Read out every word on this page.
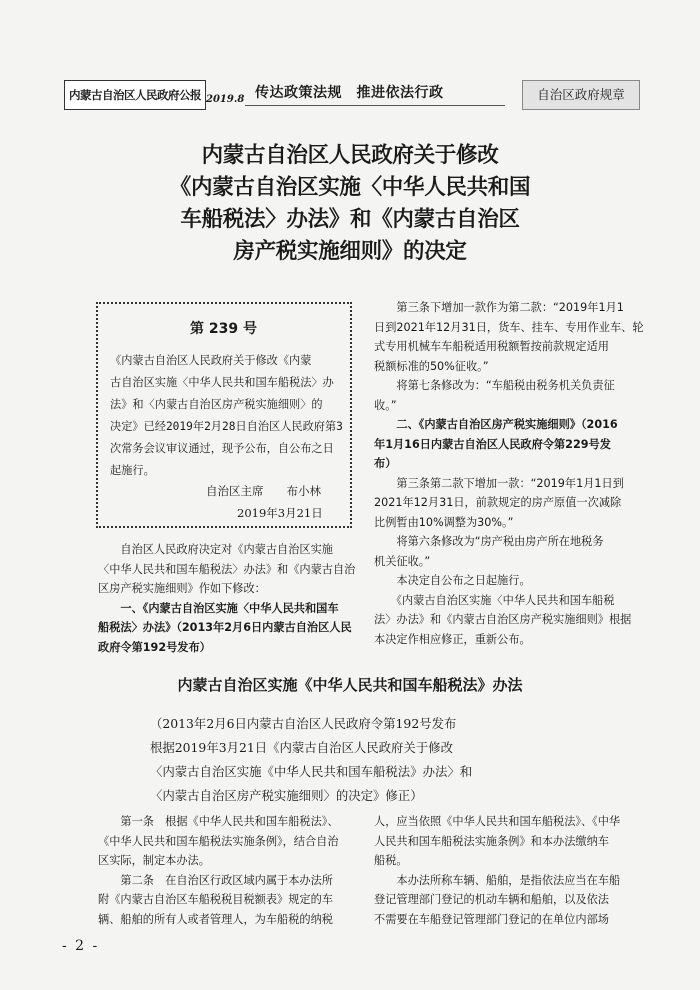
内蒙古自治区人民政府公报 2019.8 传达政策法规　推进依法行政	自治区政府规章
内蒙古自治区人民政府关于修改
《内蒙古自治区实施〈中华人民共和国
车船税法〉办法》和《内蒙古自治区
房产税实施细则》的决定
第 239 号
《内蒙古自治区人民政府关于修改《内蒙
古自治区实施〈中华人民共和国车船税法〉办
法》和〈内蒙古自治区房产税实施细则〉的
决定》已经2019年2月28日自治区人民政府第3
次常务会议审议通过，现予公布，自公布之日
起施行。
自治区主席　　布小林
2019年3月21日
　　自治区人民政府决定对《内蒙古自治区实施
〈中华人民共和国车船税法〉办法》和《内蒙古自治
区房产税实施细则》作如下修改：
　　一、《内蒙古自治区实施〈中华人民共和国车
船税法〉办法》（2013年2月6日内蒙古自治区人民
政府令第192号发布）
　　第三条下增加一款作为第二款：“2019年1月1
日到2021年12月31日，货车、挂车、专用作业车、轮
式专用机械车车船税适用税额暂按前款规定适用
税额标准的50%征收。”
　　将第七条修改为：“车船税由税务机关负责征
收。”
　　二、《内蒙古自治区房产税实施细则》（2016
年1月16日内蒙古自治区人民政府令第229号发
布）
　　第三条第二款下增加一款：“2019年1月1日到
2021年12月31日，前款规定的房产原值一次减除
比例暂由10%调整为30%。”
　　将第六条修改为“房产税由房产所在地税务
机关征收。”
　　本决定自公布之日起施行。
　　《内蒙古自治区实施〈中华人民共和国车船税
法〉办法》和《内蒙古自治区房产税实施细则》根据
本决定作相应修正，重新公布。
内蒙古自治区实施《中华人民共和国车船税法》办法
（2013年2月6日内蒙古自治区人民政府令第192号发布
根据2019年3月21日《内蒙古自治区人民政府关于修改
〈内蒙古自治区实施《中华人民共和国车船税法》办法〉和
〈内蒙古自治区房产税实施细则〉的决定》修正）
　　第一条　根据《中华人民共和国车船税法》、
《中华人民共和国车船税法实施条例》，结合自治
区实际，制定本办法。
　　第二条　在自治区行政区域内属于本办法所
附《内蒙古自治区车船税税目税额表》规定的车
辆、船舶的所有人或者管理人，为车船税的纳税
人，应当依照《中华人民共和国车船税法》、《中华
人民共和国车船税法实施条例》和本办法缴纳车
船税。
　　本办法所称车辆、船舶，是指依法应当在车船
登记管理部门登记的机动车辆和船舶，以及依法
不需要在车船登记管理部门登记的在单位内部场
- 2 -
